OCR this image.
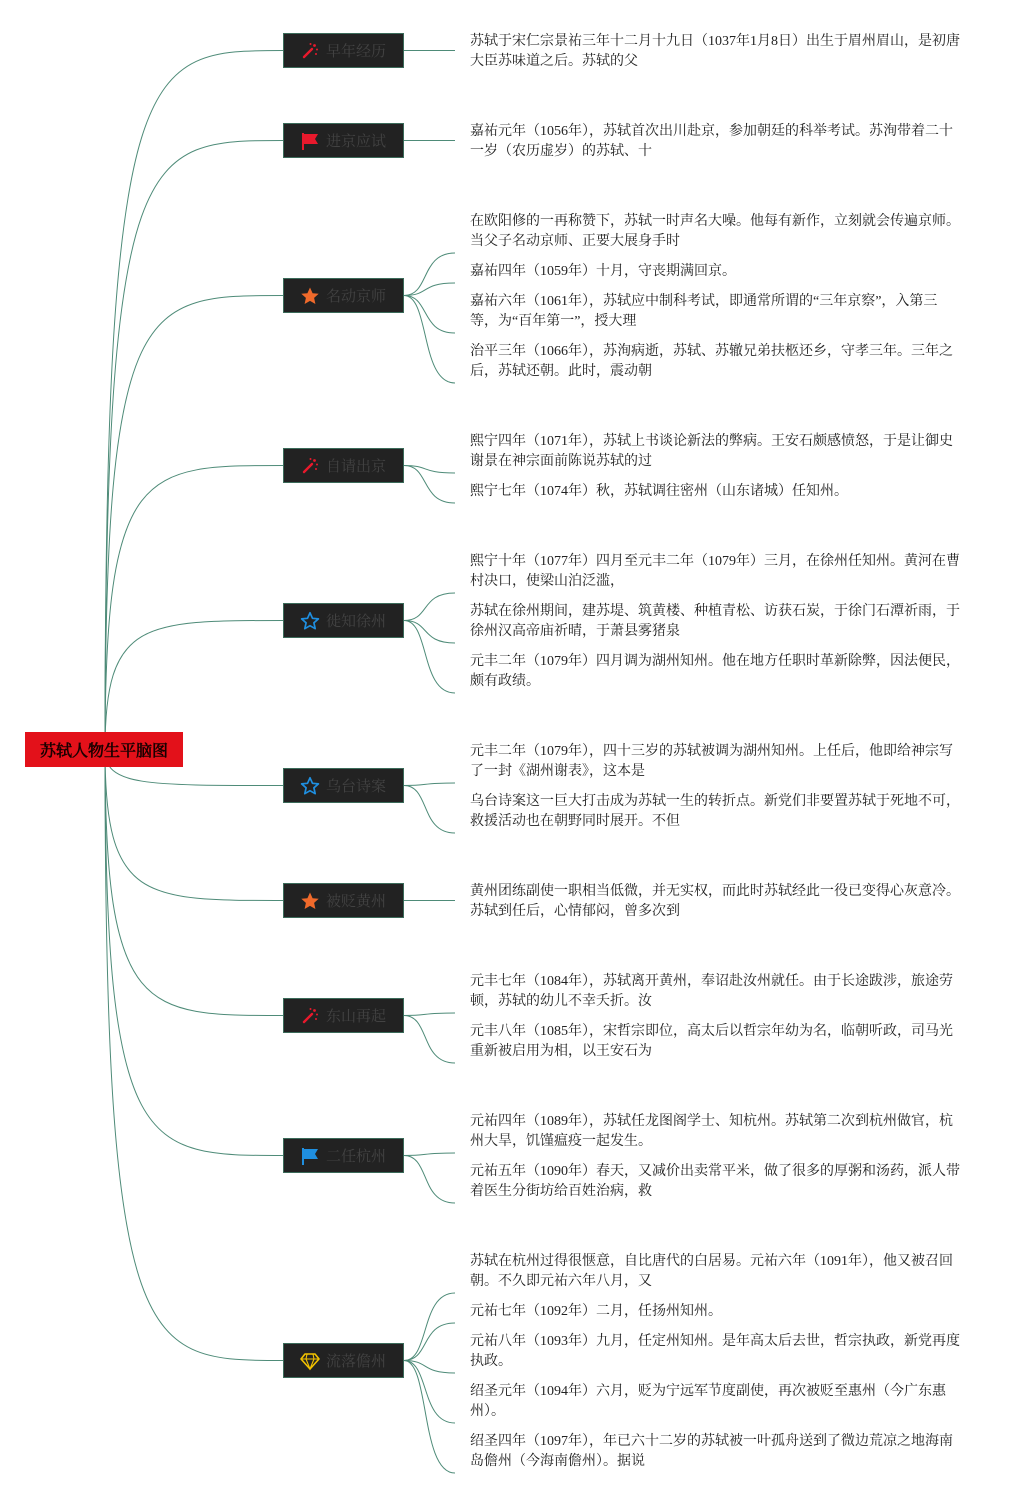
苏轼人物生平脑图
早年经历
进京应试
名动京师
自请出京
徙知徐州
乌台诗案
被贬黄州
东山再起
二任杭州
流落儋州
苏轼于宋仁宗景祐三年十二月十九日（1037年1月8日）出生于眉州眉山，是初唐大臣苏味道之后。苏轼的父
嘉祐元年（1056年），苏轼首次出川赴京，参加朝廷的科举考试。苏洵带着二十一岁（农历虚岁）的苏轼、十
在欧阳修的一再称赞下，苏轼一时声名大噪。他每有新作，立刻就会传遍京师。当父子名动京师、正要大展身手时
嘉祐四年（1059年）十月，守丧期满回京。
嘉祐六年（1061年），苏轼应中制科考试，即通常所谓的“三年京察”，入第三等，为“百年第一”，授大理
治平三年（1066年），苏洵病逝，苏轼、苏辙兄弟扶柩还乡，守孝三年。三年之后，苏轼还朝。此时，震动朝
熙宁四年（1071年），苏轼上书谈论新法的弊病。王安石颇感愤怒，于是让御史谢景在神宗面前陈说苏轼的过
熙宁七年（1074年）秋，苏轼调往密州（山东诸城）任知州。
熙宁十年（1077年）四月至元丰二年（1079年）三月，在徐州任知州。黄河在曹村决口，使梁山泊泛滥，
苏轼在徐州期间，建苏堤、筑黄楼、种植青松、访获石炭，于徐门石潭祈雨，于徐州汉高帝庙祈晴，于萧县雾猪泉
元丰二年（1079年）四月调为湖州知州。他在地方任职时革新除弊，因法便民，颇有政绩。
元丰二年（1079年），四十三岁的苏轼被调为湖州知州。上任后，他即给神宗写了一封《湖州谢表》，这本是
乌台诗案这一巨大打击成为苏轼一生的转折点。新党们非要置苏轼于死地不可，救援活动也在朝野同时展开。不但
黄州团练副使一职相当低微，并无实权，而此时苏轼经此一役已变得心灰意冷。苏轼到任后，心情郁闷，曾多次到
元丰七年（1084年），苏轼离开黄州，奉诏赴汝州就任。由于长途跋涉，旅途劳顿，苏轼的幼儿不幸夭折。汝
元丰八年（1085年），宋哲宗即位，高太后以哲宗年幼为名，临朝听政，司马光重新被启用为相，以王安石为
元祐四年（1089年），苏轼任龙图阁学士、知杭州。苏轼第二次到杭州做官，杭州大旱，饥馑瘟疫一起发生。
元祐五年（1090年）春天，又减价出卖常平米，做了很多的厚粥和汤药，派人带着医生分街坊给百姓治病，救
苏轼在杭州过得很惬意，自比唐代的白居易。元祐六年（1091年），他又被召回朝。不久即元祐六年八月，又
元祐七年（1092年）二月，任扬州知州。
元祐八年（1093年）九月，任定州知州。是年高太后去世，哲宗执政，新党再度执政。
绍圣元年（1094年）六月，贬为宁远军节度副使，再次被贬至惠州（今广东惠州）。
绍圣四年（1097年），年已六十二岁的苏轼被一叶孤舟送到了微边荒凉之地海南岛儋州（今海南儋州）。据说
